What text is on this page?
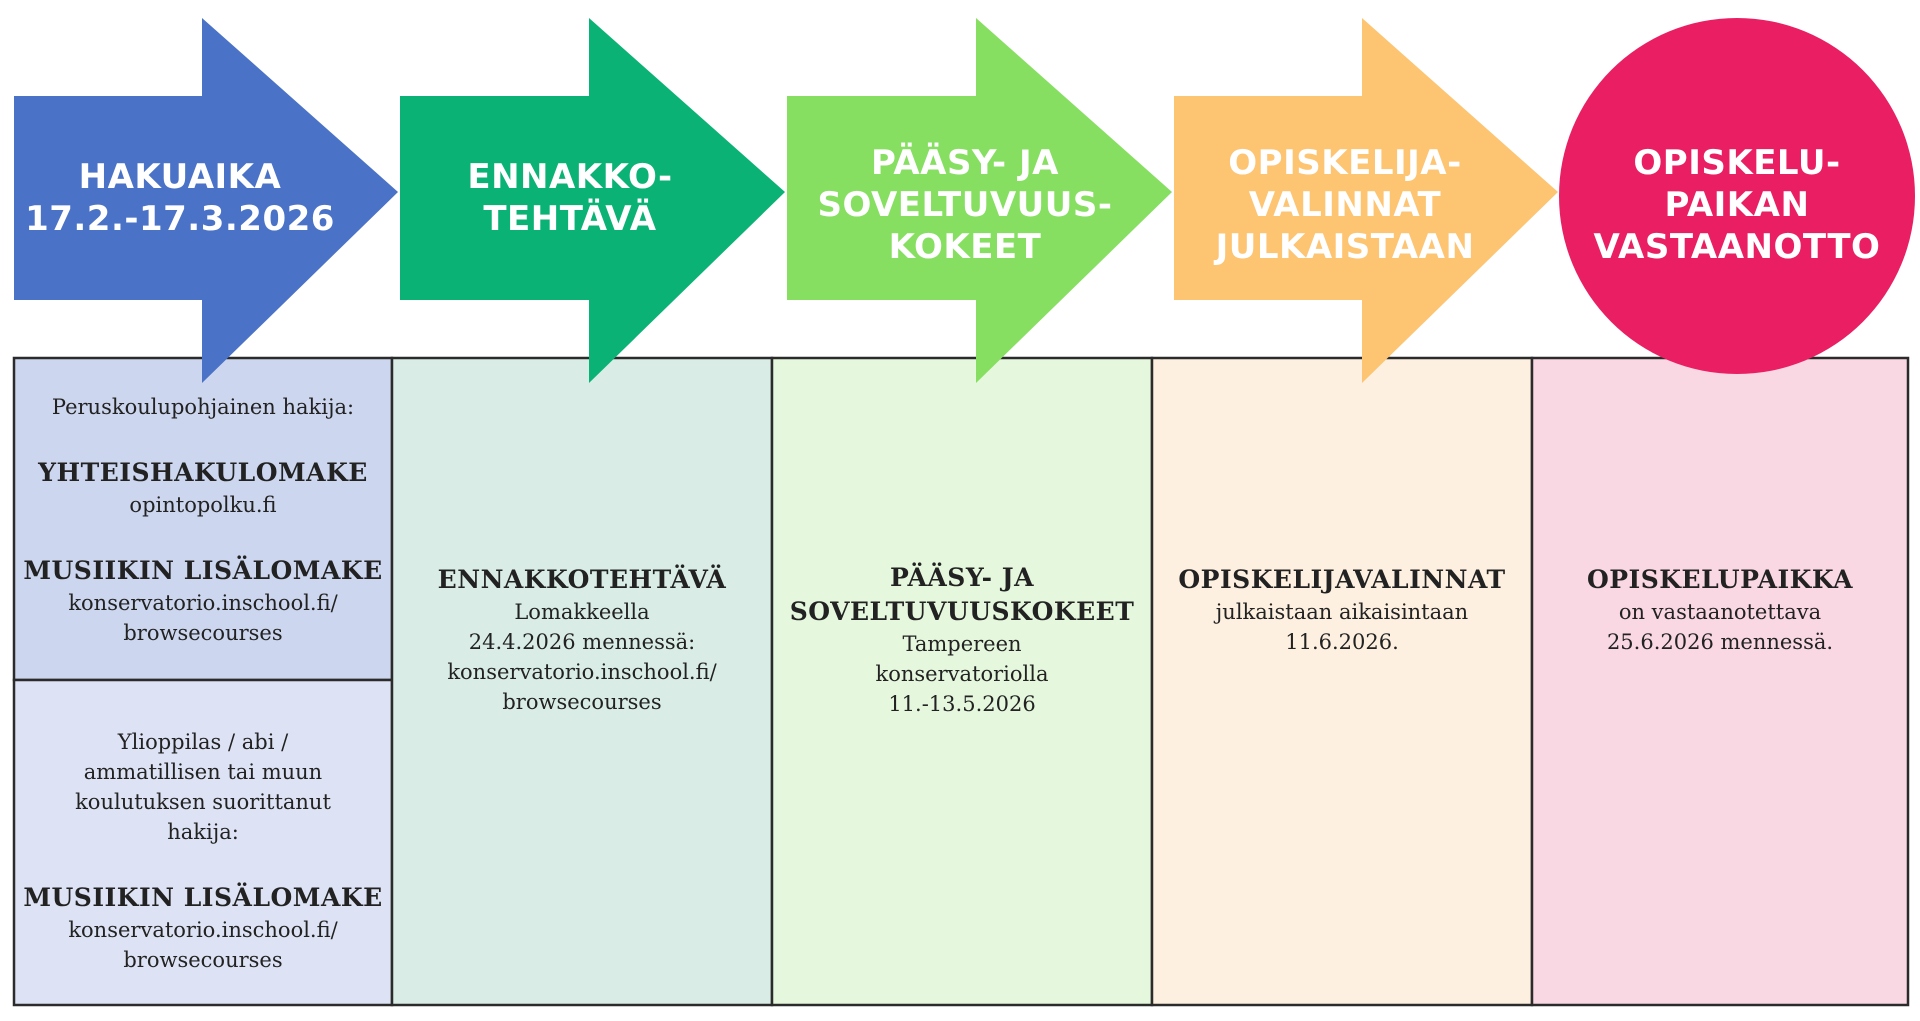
HAKUAIKA
17.2.-17.3.2026
ENNAKKO-
TEHTÄVÄ
PÄÄSY- JA
SOVELTUVUUS-
KOKEET
OPISKELIJA-
VALINNAT
JULKAISTAAN
OPISKELU-
PAIKAN
VASTAANOTTO
Peruskoulupohjainen hakija:
YHTEISHAKULOMAKE
opintopolku.fi
MUSIIKIN LISÄLOMAKE
konservatorio.inschool.fi/
browsecourses
Ylioppilas / abi /
ammatillisen tai muun
koulutuksen suorittanut
hakija:
MUSIIKIN LISÄLOMAKE
konservatorio.inschool.fi/
browsecourses
ENNAKKOTEHTÄVÄ
Lomakkeella
24.4.2026 mennessä:
konservatorio.inschool.fi/
browsecourses
PÄÄSY- JA
SOVELTUVUUSKOKEET
Tampereen
konservatoriolla
11.-13.5.2026
OPISKELIJAVALINNAT
julkaistaan aikaisintaan
11.6.2026.
OPISKELUPAIKKA
on vastaanotettava
25.6.2026 mennessä.
